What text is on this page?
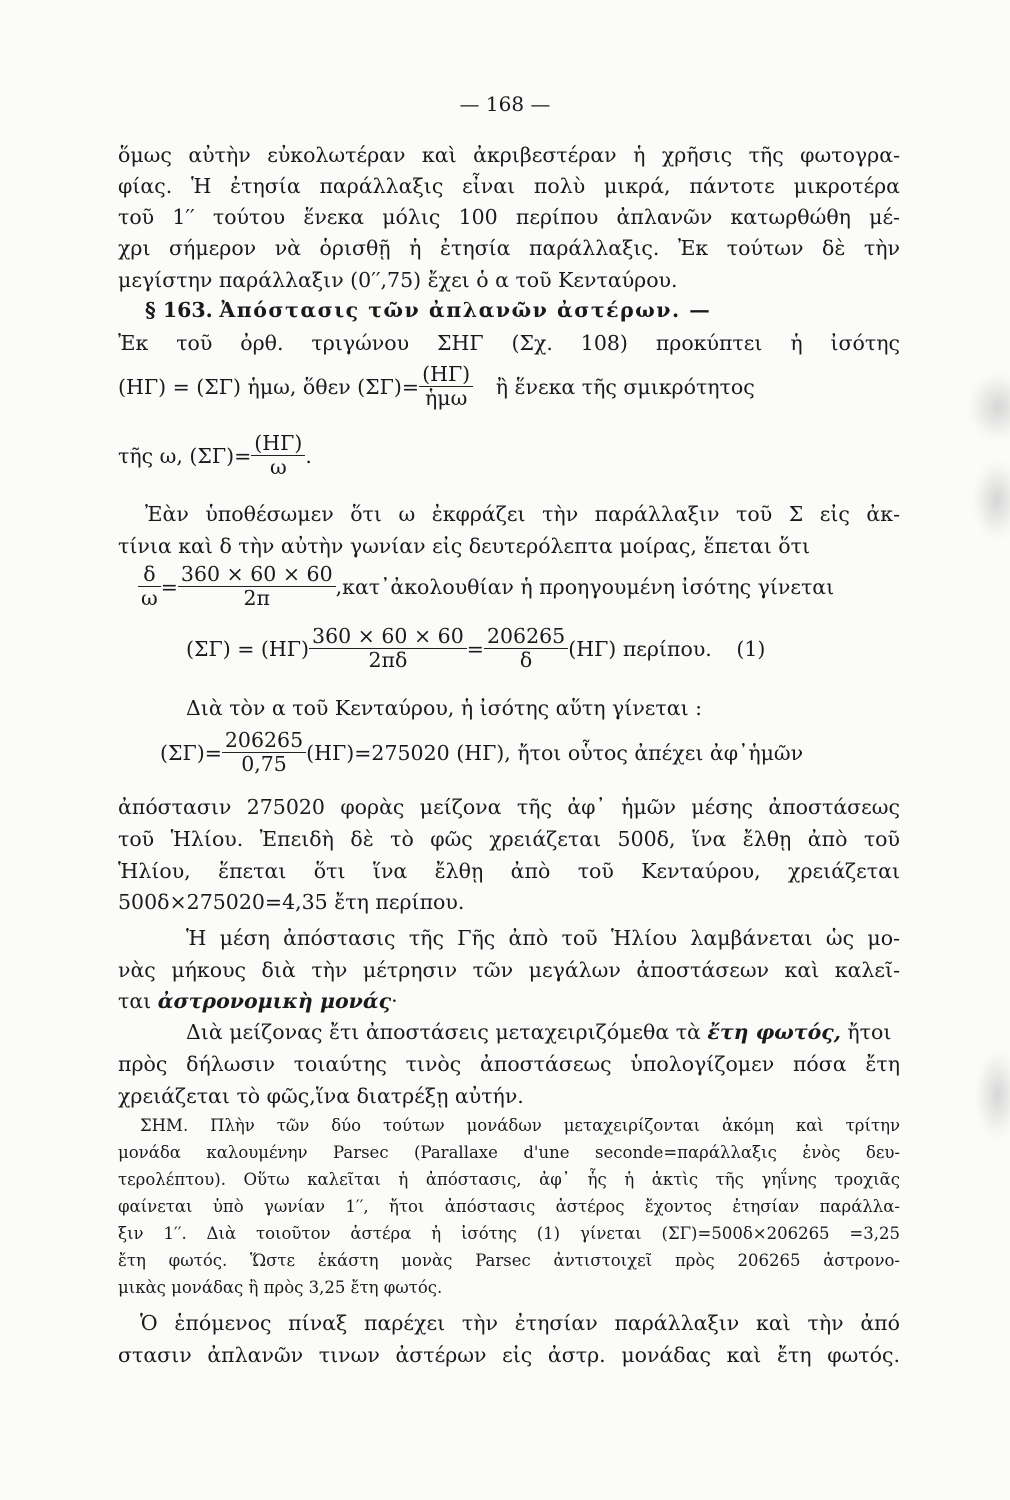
— 168 —
ὅμως αὐτὴν εὐκολωτέραν καὶ ἀκριβεστέραν ἡ χρῆσις τῆς φωτογρα-
φίας. Ἡ ἐτησία παράλλαξις εἶναι πολὺ μικρά, πάντοτε μικροτέρα
τοῦ 1′′ τούτου ἕνεκα μόλις 100 περίπου ἀπλανῶν κατωρθώθη μέ-
χρι σήμερον νὰ ὁρισθῇ ἡ ἐτησία παράλλαξις. Ἐκ τούτων δὲ τὴν
μεγίστην παράλλαξιν (0′′,75) ἔχει ὁ α τοῦ Κενταύρου.
§ 163. Ἀπόστασις τῶν ἀπλανῶν ἀστέρων. —
Ἐκ τοῦ ὀρθ. τριγώνου ΣΗΓ (Σχ. 108) προκύπτει ἡ ἰσότης
(ΗΓ) = (ΣΓ) ἡμω, ὅθεν $(\Sigma\Gamma)= \frac{(H\Gamma)}{\text{ἡμω}}$ ἢ ἕνεκα τῆς σμικρότητος
τῆς ω, $(\Sigma\Gamma)= \frac{(H\Gamma)}{\omega}$ .
Ἐὰν ὑποθέσωμεν ὅτι ω ἐκφράζει τὴν παράλλαξιν τοῦ Σ εἰς ἀκ-
τίνια καὶ δ τὴν αὐτὴν γωνίαν εἰς δευτερόλεπτα μοίρας, ἕπεται ὅτι
$\frac{\delta}{\omega} = \frac{360 \times 60 \times 60}{2\pi}$ ,κατ᾽ἀκολουθίαν ἡ προηγουμένη ἰσότης γίνεται
$(\Sigma\Gamma) = (H\Gamma) \frac{360 \times 60 \times 60}{2\pi\delta} = \frac{206265}{\delta} (H\Gamma)$ περίπου. (1)
Διὰ τὸν α τοῦ Κενταύρου, ἡ ἰσότης αὕτη γίνεται :
$(\Sigma\Gamma)= \frac{206265}{0,75} (H\Gamma)=275020$ (ΗΓ), ἤτοι οὗτος ἀπέχει ἀφ᾽ἡμῶν
ἀπόστασιν 275020 φορὰς μείζονα τῆς ἀφ᾽ ἡμῶν μέσης ἀποστάσεως
τοῦ Ἡλίου. Ἐπειδὴ δὲ τὸ φῶς χρειάζεται 500δ, ἵνα ἔλθῃ ἀπὸ τοῦ
Ἡλίου, ἕπεται ὅτι ἵνα ἔλθῃ ἀπὸ τοῦ Κενταύρου, χρειάζεται
500δ×275020=4,35 ἔτη περίπου.
Ἡ μέση ἀπόστασις τῆς Γῆς ἀπὸ τοῦ Ἡλίου λαμβάνεται ὡς μο-
νὰς μήκους διὰ τὴν μέτρησιν τῶν μεγάλων ἀποστάσεων καὶ καλεῖ-
ται ἀστρονομικὴ μονάς·
Διὰ μείζονας ἔτι ἀποστάσεις μεταχειριζόμεθα τὰ ἔτη φωτός, ἤτοι
πρὸς δήλωσιν τοιαύτης τινὸς ἀποστάσεως ὑπολογίζομεν πόσα ἔτη
χρειάζεται τὸ φῶς,ἵνα διατρέξῃ αὐτήν.
ΣΗΜ. Πλὴν τῶν δύο τούτων μονάδων μεταχειρίζονται ἀκόμη καὶ τρίτην
μονάδα καλουμένην Parsec (Parallaxe d'une seconde=παράλλαξις ἑνὸς δευ-
τερολέπτου). Οὕτω καλεῖται ἡ ἀπόστασις, ἀφ᾽ ἧς ἡ ἀκτὶς τῆς γηΐνης τροχιᾶς
φαίνεται ὑπὸ γωνίαν 1′′, ἤτοι ἀπόστασις ἀστέρος ἔχοντος ἐτησίαν παράλλα-
ξιν 1′′. Διὰ τοιοῦτον ἀστέρα ἡ ἰσότης (1) γίνεται (ΣΓ)=500δ×206265 =3,25
ἔτη φωτός. Ὥστε ἑκάστη μονὰς Parsec ἀντιστοιχεῖ πρὸς 206265 ἀστρονο-
μικὰς μονάδας ἢ πρὸς 3,25 ἔτη φωτός.
Ὁ ἑπόμενος πίναξ παρέχει τὴν ἐτησίαν παράλλαξιν καὶ τὴν ἀπό
στασιν ἀπλανῶν τινων ἀστέρων εἰς ἀστρ. μονάδας καὶ ἔτη φωτός.
